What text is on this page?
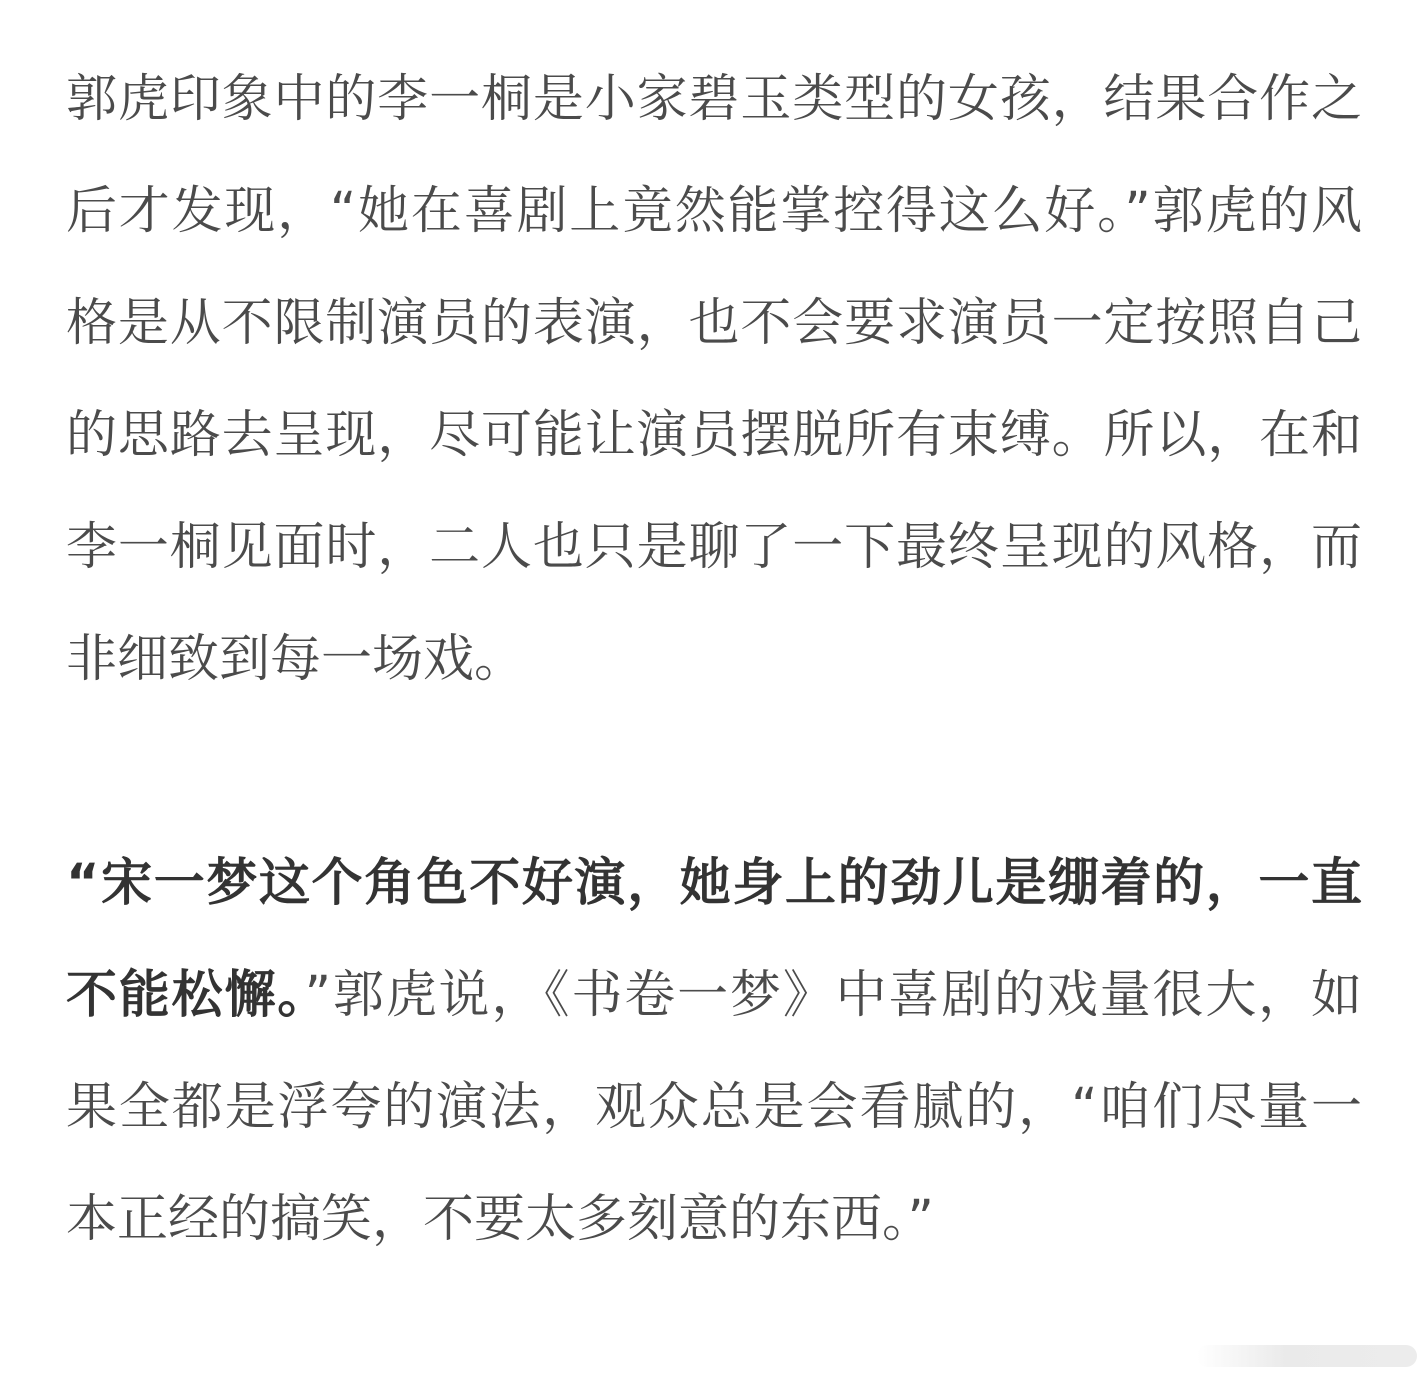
郭虎印象中的李一桐是小家碧玉类型的女孩，结果合作之后才发现，“她在喜剧上竟然能掌控得这么好。”郭虎的风格是从不限制演员的表演，也不会要求演员一定按照自己的思路去呈现，尽可能让演员摆脱所有束缚。所以，在和李一桐见面时，二人也只是聊了一下最终呈现的风格，而非细致到每一场戏。

“宋一梦这个角色不好演，她身上的劲儿是绷着的，一直不能松懈。”郭虎说，《书卷一梦》中喜剧的戏量很大，如果全都是浮夸的演法，观众总是会看腻的，“咱们尽量一本正经的搞笑，不要太多刻意的东西。”
